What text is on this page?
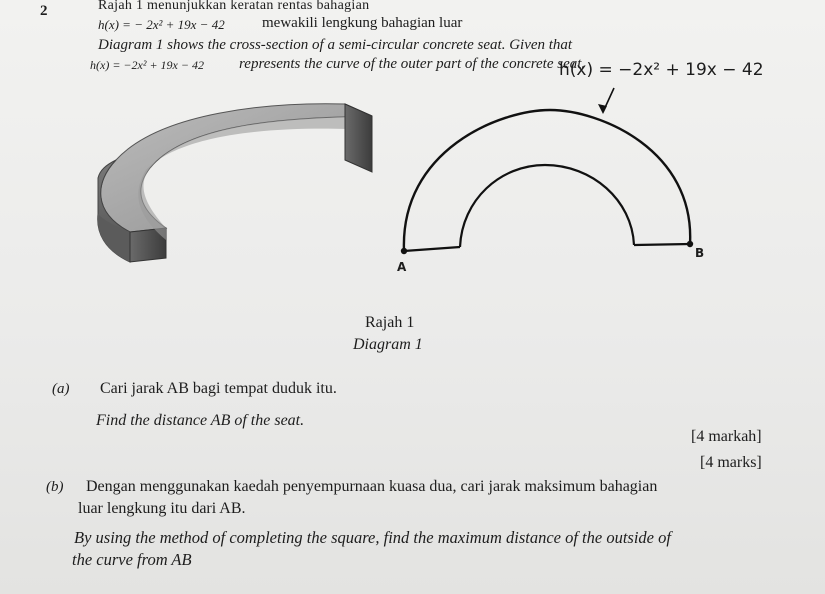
2	Rajah 1 menunjukkan keratan rentas bahagian
h(x) = − 2x² + 19x − 42 mewakili lengkung bahagian luar
Diagram 1 shows the cross-section of a semi-circular concrete seat. Given that
h(x) = −2x² + 19x − 42 represents the curve of the outer part of the concrete seat.
h(x) = −2x² + 19x − 42
A
B
Rajah 1
Diagram 1
(a) Cari jarak AB bagi tempat duduk itu.
Find the distance AB of the seat.
[4 markah]
[4 marks]
(b) Dengan menggunakan kaedah penyempurnaan kuasa dua, cari jarak maksimum bahagian
luar lengkung itu dari AB.
By using the method of completing the square, find the maximum distance of the outside of
the curve from AB
